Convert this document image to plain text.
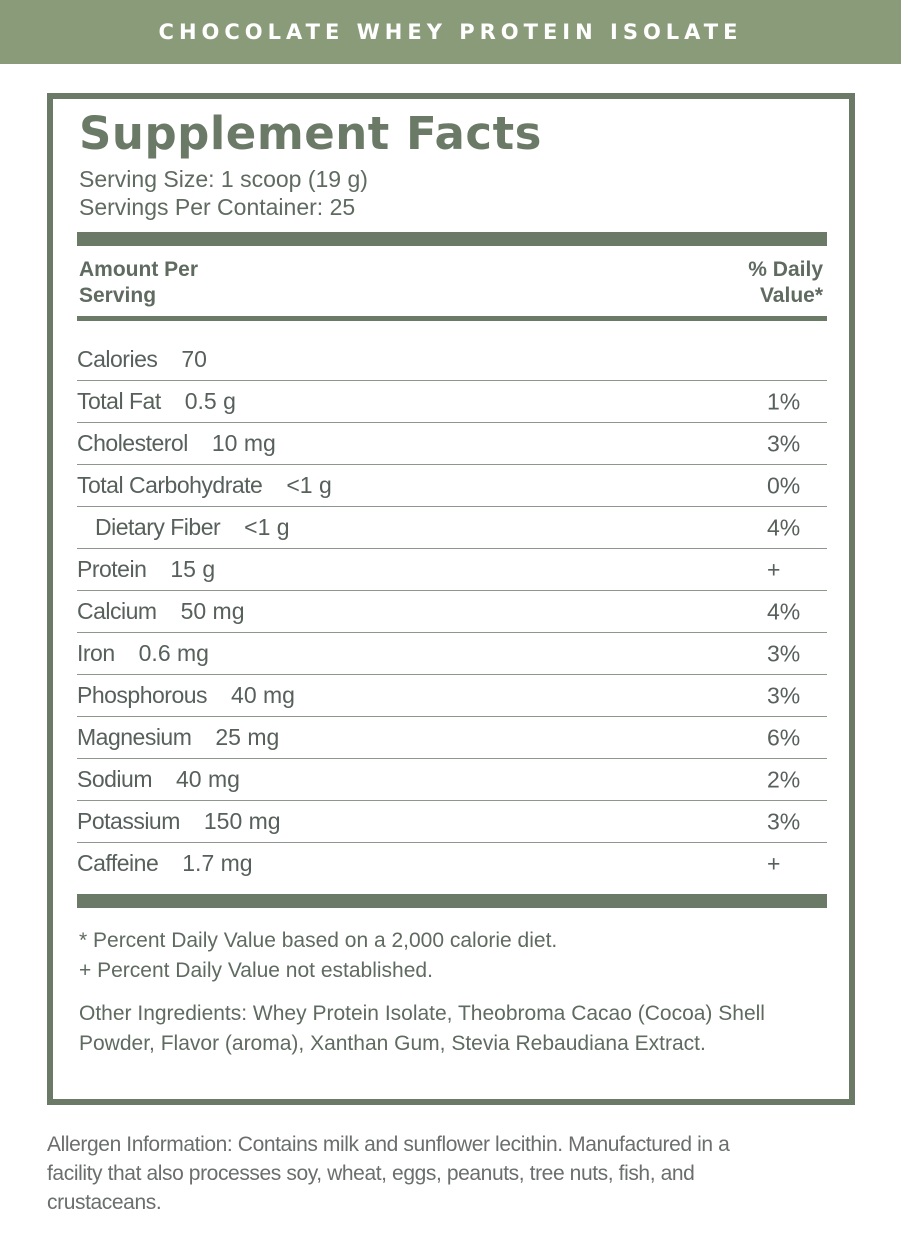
CHOCOLATE WHEY PROTEIN ISOLATE
Supplement Facts
Serving Size: 1 scoop (19 g)
Servings Per Container: 25
Amount Per
Serving
% Daily
Value*
Calories 70
Total Fat 0.5 g	1%
Cholesterol 10 mg	3%
Total Carbohydrate <1 g	0%
Dietary Fiber <1 g	4%
Protein 15 g	+
Calcium 50 mg	4%
Iron 0.6 mg	3%
Phosphorous 40 mg	3%
Magnesium 25 mg	6%
Sodium 40 mg	2%
Potassium 150 mg	3%
Caffeine 1.7 mg	+
* Percent Daily Value based on a 2,000 calorie diet.
+ Percent Daily Value not established.
Other Ingredients: Whey Protein Isolate, Theobroma Cacao (Cocoa) Shell Powder, Flavor (aroma), Xanthan Gum, Stevia Rebaudiana Extract.
Allergen Information: Contains milk and sunflower lecithin. Manufactured in a facility that also processes soy, wheat, eggs, peanuts, tree nuts, fish, and crustaceans.
